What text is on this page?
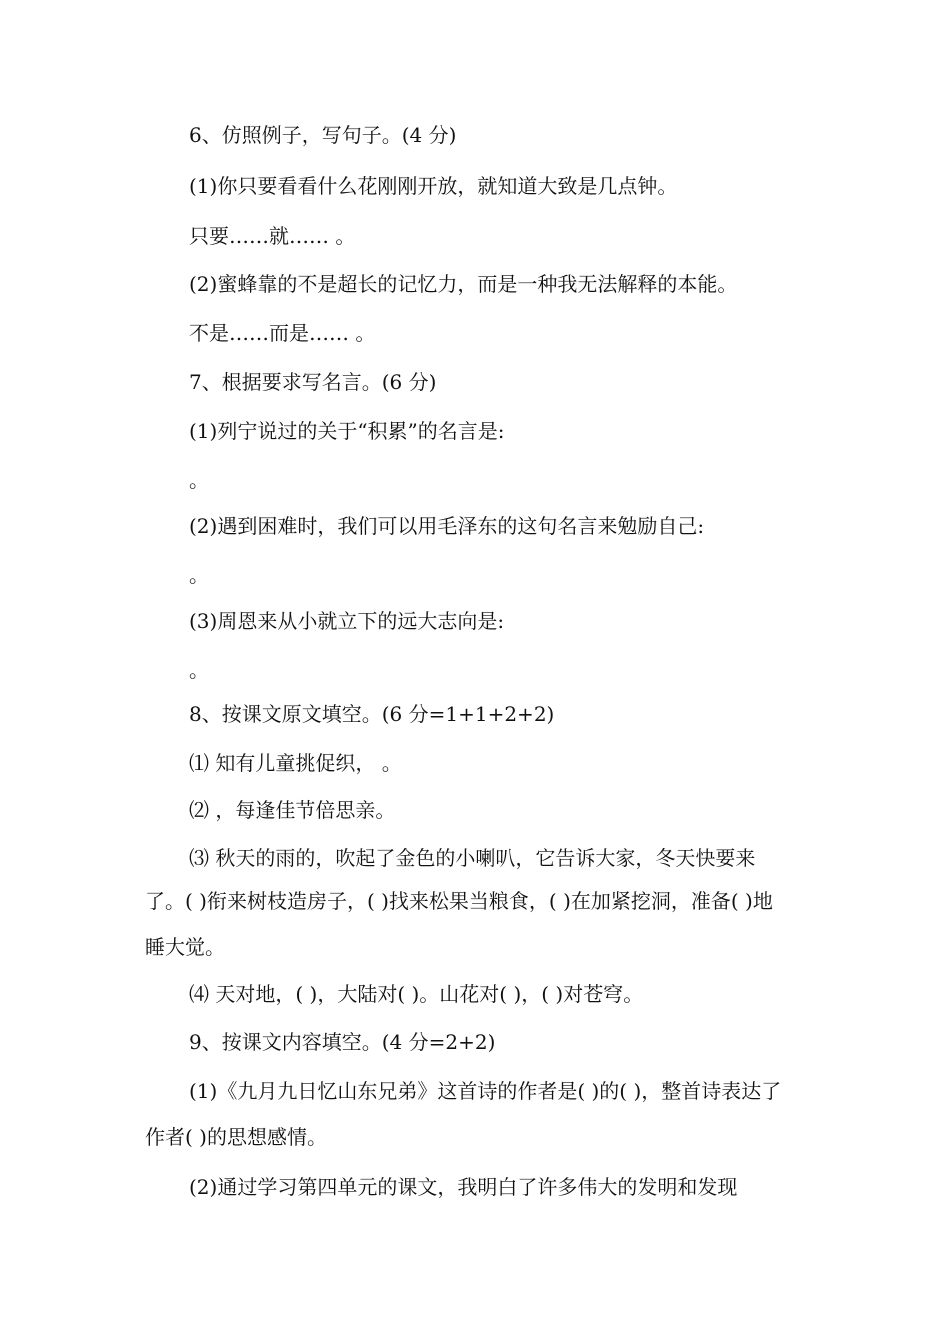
6、仿照例子，写句子。(4 分)
(1)你只要看看什么花刚刚开放，就知道大致是几点钟。
只要……就…… 。
(2)蜜蜂靠的不是超长的记忆力，而是一种我无法解释的本能。
不是……而是…… 。
7、根据要求写名言。(6 分)
(1)列宁说过的关于“积累”的名言是:
。
(2)遇到困难时，我们可以用毛泽东的这句名言来勉励自己:
。
(3)周恩来从小就立下的远大志向是:
。
8、按课文原文填空。(6 分=1+1+2+2)
⑴ 知有儿童挑促织， 。
⑵ ，每逢佳节倍思亲。
⑶ 秋天的雨的，吹起了金色的小喇叭，它告诉大家，冬天快要来
了。( )衔来树枝造房子，( )找来松果当粮食，( )在加紧挖洞，准备( )地
睡大觉。
⑷ 天对地，( )，大陆对( )。山花对( )，( )对苍穹。
9、按课文内容填空。(4 分=2+2)
(1)《九月九日忆山东兄弟》这首诗的作者是( )的( )，整首诗表达了
作者( )的思想感情。
(2)通过学习第四单元的课文，我明白了许多伟大的发明和发现
